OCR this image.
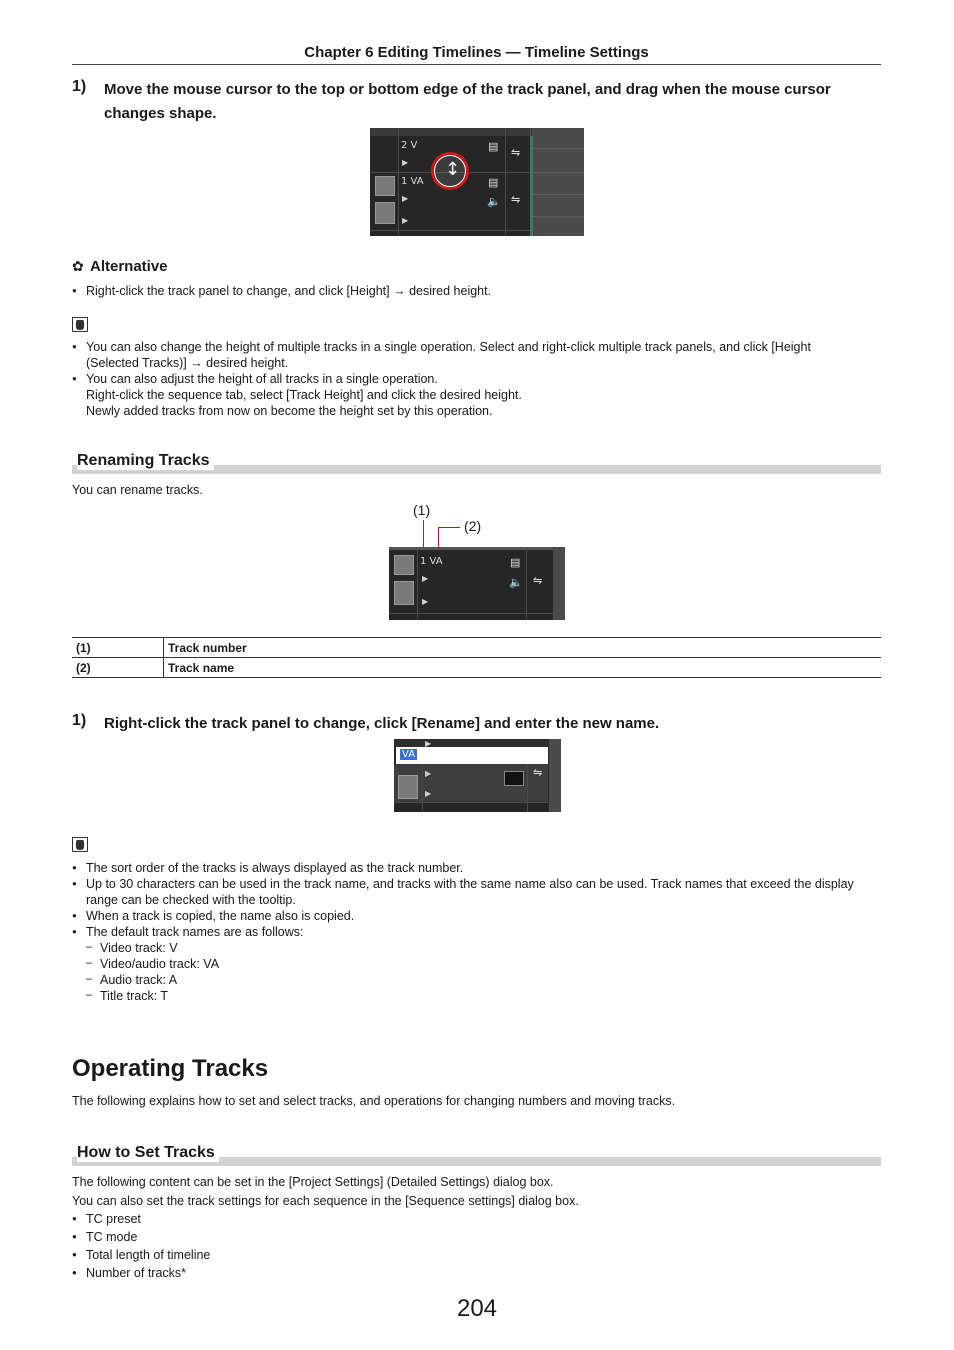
Chapter 6 Editing Timelines — Timeline Settings
1) Move the mouse cursor to the top or bottom edge of the track panel, and drag when the mouse cursor changes shape.
2 V
1 VA
▶
▶
▶
▤
▤
🔈
⇋
⇋
↕
✿ Alternative
● Right-click the track panel to change, and click [Height] → desired height.
● You can also change the height of multiple tracks in a single operation. Select and right-click multiple track panels, and click [Height (Selected Tracks)] → desired height.
● You can also adjust the height of all tracks in a single operation.
Right-click the sequence tab, select [Track Height] and click the desired height.
Newly added tracks from now on become the height set by this operation.
Renaming Tracks
You can rename tracks.
(1)
(2)
1 VA
▶
▶
▤
🔈 ⇋
(1)	Track number
(2)	Track name
1) Right-click the track panel to change, click [Rename] and enter the new name.
VA
▶
▶
▶
⇋
● The sort order of the tracks is always displayed as the track number.
● Up to 30 characters can be used in the track name, and tracks with the same name also can be used. Track names that exceed the display range can be checked with the tooltip.
● When a track is copied, the name also is copied.
● The default track names are as follows:
– Video track: V
– Video/audio track: VA
– Audio track: A
– Title track: T
Operating Tracks
The following explains how to set and select tracks, and operations for changing numbers and moving tracks.
How to Set Tracks
The following content can be set in the [Project Settings] (Detailed Settings) dialog box.
You can also set the track settings for each sequence in the [Sequence settings] dialog box.
● TC preset
● TC mode
● Total length of timeline
● Number of tracks*
204
